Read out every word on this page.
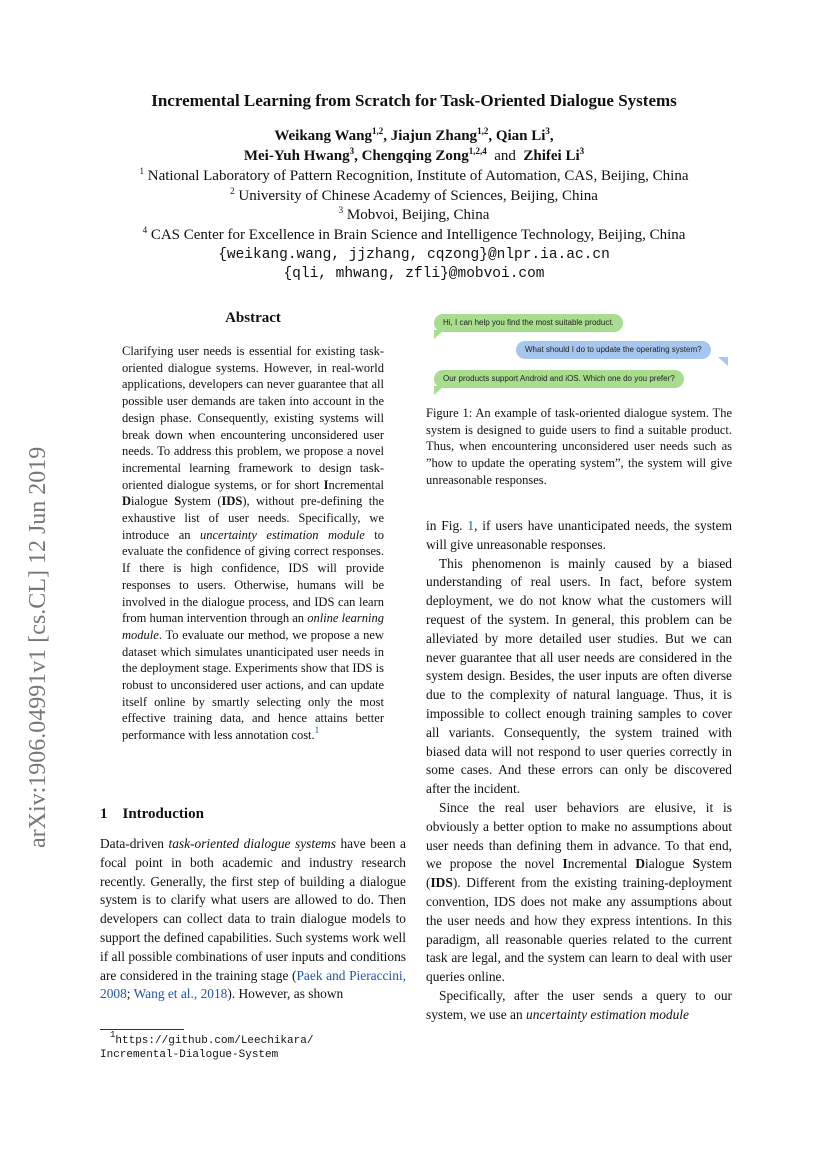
Incremental Learning from Scratch for Task-Oriented Dialogue Systems
Weikang Wang$^{1,2}$, Jiajun Zhang$^{1,2}$, Qian Li$^3$,
Mei-Yuh Hwang$^3$, Chengqing Zong$^{1,2,4}$  and  Zhifei Li$^3$
$^1$ National Laboratory of Pattern Recognition, Institute of Automation, CAS, Beijing, China
$^2$ University of Chinese Academy of Sciences, Beijing, China
$^3$ Mobvoi, Beijing, China
$^4$ CAS Center for Excellence in Brain Science and Intelligence Technology, Beijing, China
{weikang.wang, jjzhang, cqzong}@nlpr.ia.ac.cn
{qli, mhwang, zfli}@mobvoi.com
arXiv:1906.04991v1 [cs.CL] 12 Jun 2019
Abstract

Clarifying user needs is essential for existing task-oriented dialogue systems. However, in real-world applications, developers can never guarantee that all possible user demands are taken into account in the design phase. Consequently, existing systems will break down when encountering unconsidered user needs. To address this problem, we propose a novel incremental learning framework to design task-oriented dialogue systems, or for short Incremental Dialogue System (IDS), without pre-defining the exhaustive list of user needs. Specifically, we introduce an uncertainty estimation module to evaluate the confidence of giving correct responses. If there is high confidence, IDS will provide responses to users. Otherwise, humans will be involved in the dialogue process, and IDS can learn from human intervention through an online learning module. To evaluate our method, we propose a new dataset which simulates unanticipated user needs in the deployment stage. Experiments show that IDS is robust to unconsidered user actions, and can update itself online by smartly selecting only the most effective training data, and hence attains better performance with less annotation cost.$^1$

1 Introduction

Data-driven task-oriented dialogue systems have been a focal point in both academic and industry research recently. Generally, the first step of building a dialogue system is to clarify what users are allowed to do. Then developers can collect data to train dialogue models to support the defined capabilities. Such systems work well if all possible combinations of user inputs and conditions are considered in the training stage (Paek and Pieraccini, 2008; Wang et al., 2018). However, as shown

$^1$https://github.com/Leechikara/
Incremental-Dialogue-System
Hi, I can help you find the most suitable product.
What should I do to update the operating system?
Our products support Android and iOS. Which one do you prefer?
Figure 1: An example of task-oriented dialogue system. The system is designed to guide users to find a suitable product. Thus, when encountering unconsidered user needs such as ”how to update the operating system”, the system will give unreasonable responses.

in Fig. 1, if users have unanticipated needs, the system will give unreasonable responses.

This phenomenon is mainly caused by a biased understanding of real users. In fact, before system deployment, we do not know what the customers will request of the system. In general, this problem can be alleviated by more detailed user studies. But we can never guarantee that all user needs are considered in the system design. Besides, the user inputs are often diverse due to the complexity of natural language. Thus, it is impossible to collect enough training samples to cover all variants. Consequently, the system trained with biased data will not respond to user queries correctly in some cases. And these errors can only be discovered after the incident.

Since the real user behaviors are elusive, it is obviously a better option to make no assumptions about user needs than defining them in advance. To that end, we propose the novel Incremental Dialogue System (IDS). Different from the existing training-deployment convention, IDS does not make any assumptions about the user needs and how they express intentions. In this paradigm, all reasonable queries related to the current task are legal, and the system can learn to deal with user queries online.

Specifically, after the user sends a query to our system, we use an uncertainty estimation module
